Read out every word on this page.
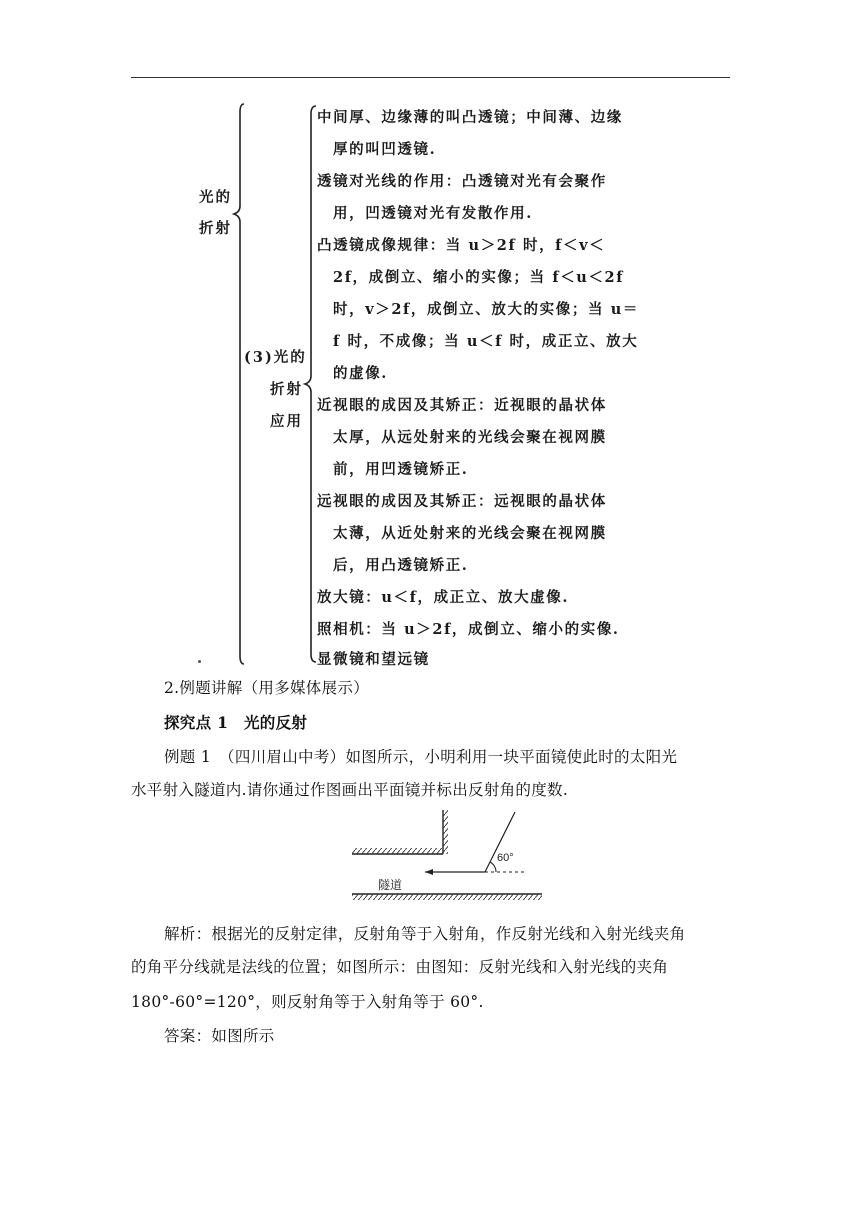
光的
折射
(3)光的
折射
应用
中间厚、边缘薄的叫凸透镜；中间薄、边缘
厚的叫凹透镜.
透镜对光线的作用：凸透镜对光有会聚作
用，凹透镜对光有发散作用.
凸透镜成像规律：当 u＞2f 时，f＜v＜
2f，成倒立、缩小的实像；当 f＜u＜2f
时，v＞2f，成倒立、放大的实像；当 u＝
f 时，不成像；当 u＜f 时，成正立、放大
的虚像.
近视眼的成因及其矫正：近视眼的晶状体
太厚，从远处射来的光线会聚在视网膜
前，用凹透镜矫正.
远视眼的成因及其矫正：远视眼的晶状体
太薄，从近处射来的光线会聚在视网膜
后，用凸透镜矫正.
放大镜：u＜f，成正立、放大虚像.
照相机：当 u＞2f，成倒立、缩小的实像.
显微镜和望远镜
2.例题讲解（用多媒体展示）
探究点 1　光的反射
例题 1　（四川眉山中考）如图所示，小明利用一块平面镜使此时的太阳光
水平射入隧道内.请你通过作图画出平面镜并标出反射角的度数.
60°
隧道
解析：根据光的反射定律，反射角等于入射角，作反射光线和入射光线夹角
的角平分线就是法线的位置；如图所示：由图知：反射光线和入射光线的夹角
180°-60°=120°，则反射角等于入射角等于 60°.
答案：如图所示
